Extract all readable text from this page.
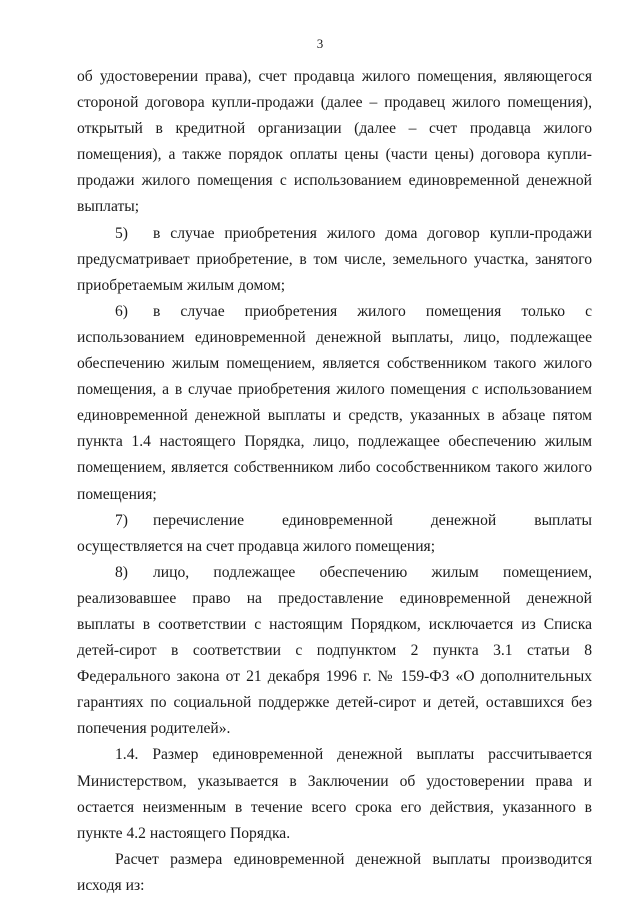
3

об удостоверении права), счет продавца жилого помещения, являющегося стороной договора купли-продажи (далее – продавец жилого помещения), открытый в кредитной организации (далее – счет продавца жилого помещения), а также порядок оплаты цены (части цены) договора купли-продажи жилого помещения с использованием единовременной денежной выплаты;

5) в случае приобретения жилого дома договор купли-продажи предусматривает приобретение, в том числе, земельного участка, занятого приобретаемым жилым домом;

6) в случае приобретения жилого помещения только с использованием единовременной денежной выплаты, лицо, подлежащее обеспечению жилым помещением, является собственником такого жилого помещения, а в случае приобретения жилого помещения с использованием единовременной денежной выплаты и средств, указанных в абзаце пятом пункта 1.4 настоящего Порядка, лицо, подлежащее обеспечению жилым помещением, является собственником либо сособственником такого жилого помещения;

7) перечисление единовременной денежной выплаты осуществляется на счет продавца жилого помещения;

8) лицо, подлежащее обеспечению жилым помещением, реализовавшее право на предоставление единовременной денежной выплаты в соответствии с настоящим Порядком, исключается из Списка детей-сирот в соответствии с подпунктом 2 пункта 3.1 статьи 8 Федерального закона от 21 декабря 1996 г. № 159-ФЗ «О дополнительных гарантиях по социальной поддержке детей-сирот и детей, оставшихся без попечения родителей».

1.4. Размер единовременной денежной выплаты рассчитывается Министерством, указывается в Заключении об удостоверении права и остается неизменным в течение всего срока его действия, указанного в пункте 4.2 настоящего Порядка.

Расчет размера единовременной денежной выплаты производится исходя из:
